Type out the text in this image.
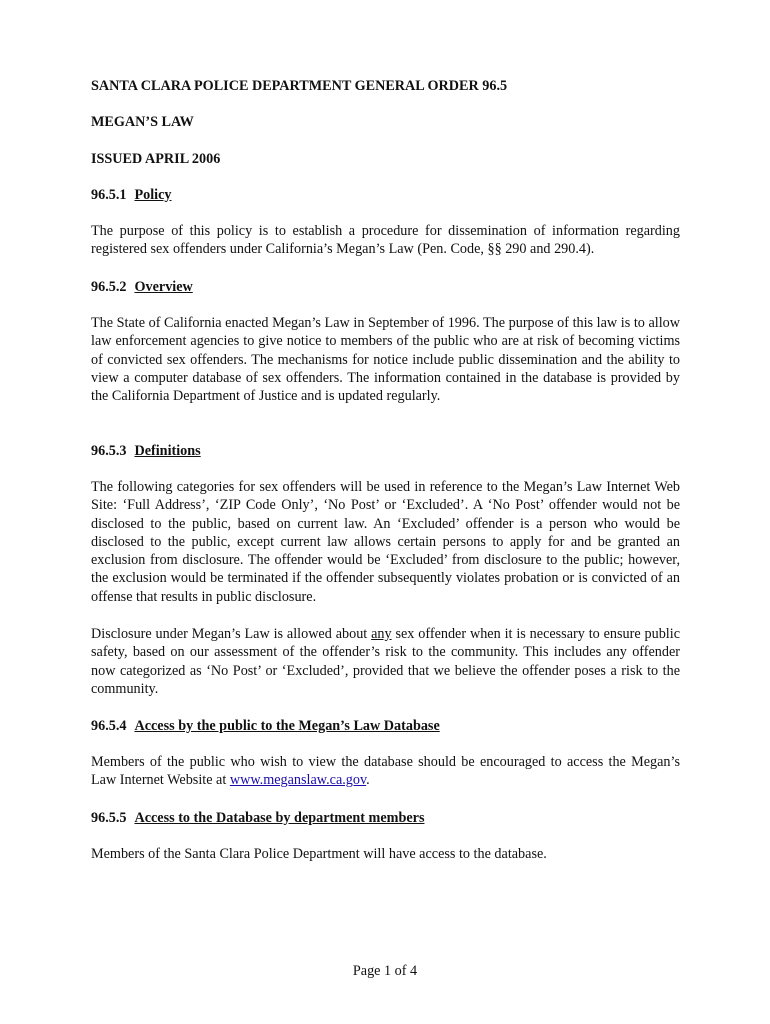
SANTA CLARA POLICE DEPARTMENT GENERAL ORDER 96.5
MEGAN’S LAW
ISSUED APRIL 2006
96.5.1 Policy

The purpose of this policy is to establish a procedure for dissemination of information regarding registered sex offenders under California’s Megan’s Law (Pen. Code, §§ 290 and 290.4).

96.5.2 Overview

The State of California enacted Megan’s Law in September of 1996. The purpose of this law is to allow law enforcement agencies to give notice to members of the public who are at risk of becoming victims of convicted sex offenders. The mechanisms for notice include public dissemination and the ability to view a computer database of sex offenders. The information contained in the database is provided by the California Department of Justice and is updated regularly.

96.5.3 Definitions

The following categories for sex offenders will be used in reference to the Megan’s Law Internet Web Site: ‘Full Address’, ‘ZIP Code Only’, ‘No Post’ or ‘Excluded’. A ‘No Post’ offender would not be disclosed to the public, based on current law. An ‘Excluded’ offender is a person who would be disclosed to the public, except current law allows certain persons to apply for and be granted an exclusion from disclosure. The offender would be ‘Excluded’ from disclosure to the public; however, the exclusion would be terminated if the offender subsequently violates probation or is convicted of an offense that results in public disclosure.

Disclosure under Megan’s Law is allowed about any sex offender when it is necessary to ensure public safety, based on our assessment of the offender’s risk to the community. This includes any offender now categorized as ‘No Post’ or ‘Excluded’, provided that we believe the offender poses a risk to the community.

96.5.4 Access by the public to the Megan’s Law Database

Members of the public who wish to view the database should be encouraged to access the Megan’s Law Internet Website at www.meganslaw.ca.gov.

96.5.5 Access to the Database by department members

Members of the Santa Clara Police Department will have access to the database.

Page 1 of 4
